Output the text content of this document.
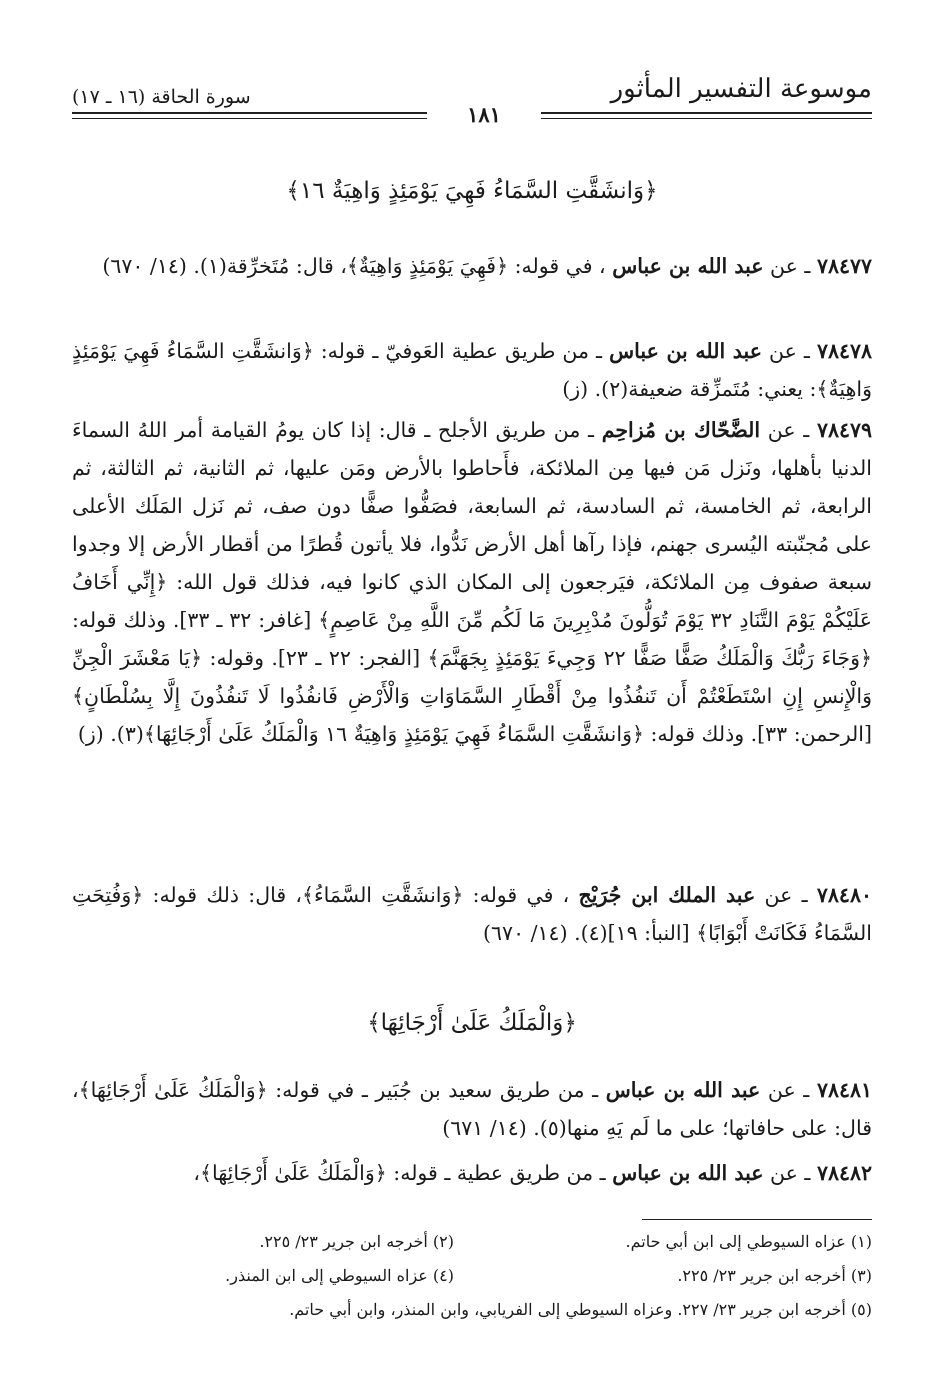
موسوعة التفسير المأثور
سورة الحاقة (١٦ ـ ١٧)
١٨١
﴿وَانشَقَّتِ السَّمَاءُ فَهِيَ يَوْمَئِذٍ وَاهِيَةٌ ١٦﴾
٧٨٤٧٧ ـ عن عبد الله بن عباس ، في قوله: ﴿فَهِيَ يَوْمَئِذٍ وَاهِيَةٌ﴾، قال: مُتَخرِّقة(١). (١٤/ ٦٧٠)
٧٨٤٧٨ ـ عن عبد الله بن عباس ـ من طريق عطية العَوفيّ ـ قوله: ﴿وَانشَقَّتِ السَّمَاءُ فَهِيَ يَوْمَئِذٍ وَاهِيَةٌ﴾: يعني: مُتَمزِّقة ضعيفة(٢). (ز)
٧٨٤٧٩ ـ عن الضَّحّاك بن مُزاحِم ـ من طريق الأجلح ـ قال: إذا كان يومُ القيامة أمر اللهُ السماءَ الدنيا بأهلها، ونَزل مَن فيها مِن الملائكة، فأَحاطوا بالأرض ومَن عليها، ثم الثانية، ثم الثالثة، ثم الرابعة، ثم الخامسة، ثم السادسة، ثم السابعة، فصَفُّوا صفًّا دون صف، ثم نَزل المَلَك الأعلى على مُجنّبته اليُسرى جهنم، فإذا رآها أهل الأرض نَدُّوا، فلا يأتون قُطرًا من أقطار الأرض إلا وجدوا سبعة صفوف مِن الملائكة، فيَرجعون إلى المكان الذي كانوا فيه، فذلك قول الله: ﴿إِنِّي أَخَافُ عَلَيْكُمْ يَوْمَ التَّنَادِ ٣٢ يَوْمَ تُوَلُّونَ مُدْبِرِينَ مَا لَكُم مِّنَ اللَّهِ مِنْ عَاصِمٍ﴾ [غافر: ٣٢ ـ ٣٣]. وذلك قوله: ﴿وَجَاءَ رَبُّكَ وَالْمَلَكُ صَفًّا صَفًّا ٢٢ وَجِيءَ يَوْمَئِذٍ بِجَهَنَّمَ﴾ [الفجر: ٢٢ ـ ٢٣]. وقوله: ﴿يَا مَعْشَرَ الْجِنِّ وَالْإِنسِ إِنِ اسْتَطَعْتُمْ أَن تَنفُذُوا مِنْ أَقْطَارِ السَّمَاوَاتِ وَالْأَرْضِ فَانفُذُوا لَا تَنفُذُونَ إِلَّا بِسُلْطَانٍ﴾ [الرحمن: ٣٣]. وذلك قوله: ﴿وَانشَقَّتِ السَّمَاءُ فَهِيَ يَوْمَئِذٍ وَاهِيَةٌ ١٦ وَالْمَلَكُ عَلَىٰ أَرْجَائِهَا﴾(٣). (ز)
٧٨٤٨٠ ـ عن عبد الملك ابن جُرَيْج ، في قوله: ﴿وَانشَقَّتِ السَّمَاءُ﴾، قال: ذلك قوله: ﴿وَفُتِحَتِ السَّمَاءُ فَكَانَتْ أَبْوَابًا﴾ [النبأ: ١٩](٤). (١٤/ ٦٧٠)
﴿وَالْمَلَكُ عَلَىٰ أَرْجَائِهَا﴾
٧٨٤٨١ ـ عن عبد الله بن عباس ـ من طريق سعيد بن جُبَير ـ في قوله: ﴿وَالْمَلَكُ عَلَىٰ أَرْجَائِهَا﴾، قال: على حافاتها؛ على ما لَم يَهِ منها(٥). (١٤/ ٦٧١)
٧٨٤٨٢ ـ عن عبد الله بن عباس ـ من طريق عطية ـ قوله: ﴿وَالْمَلَكُ عَلَىٰ أَرْجَائِهَا﴾،
(١) عزاه السيوطي إلى ابن أبي حاتم.
(٢) أخرجه ابن جرير ٢٣/ ٢٢٥.
(٣) أخرجه ابن جرير ٢٣/ ٢٢٥.
(٤) عزاه السيوطي إلى ابن المنذر.
(٥) أخرجه ابن جرير ٢٣/ ٢٢٧. وعزاه السيوطي إلى الفريابي، وابن المنذر، وابن أبي حاتم.
